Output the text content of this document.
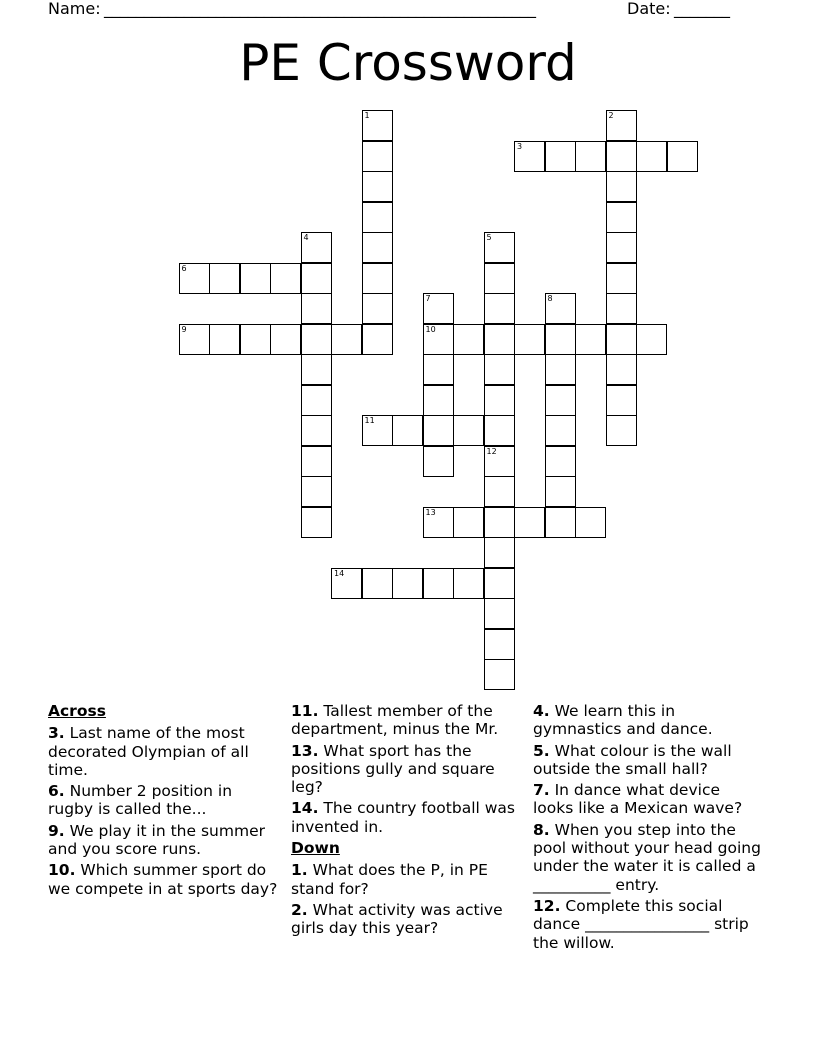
Name: ______________________________________________________	Date: _______
PE Crossword
1	2
3
4	5
6
7	8
9	10
11
12
13
14
Across
3. Last name of the most decorated Olympian of all time.
6. Number 2 position in rugby is called the...
9. We play it in the summer and you score runs.
10. Which summer sport do we compete in at sports day?
11. Tallest member of the department, minus the Mr.
13. What sport has the positions gully and square leg?
14. The country football was invented in.
Down
1. What does the P, in PE stand for?
2. What activity was active girls day this year?
4. We learn this in gymnastics and dance.
5. What colour is the wall outside the small hall?
7. In dance what device looks like a Mexican wave?
8. When you step into the pool without your head going under the water it is called a __________ entry.
12. Complete this social dance ________________ strip the willow.
